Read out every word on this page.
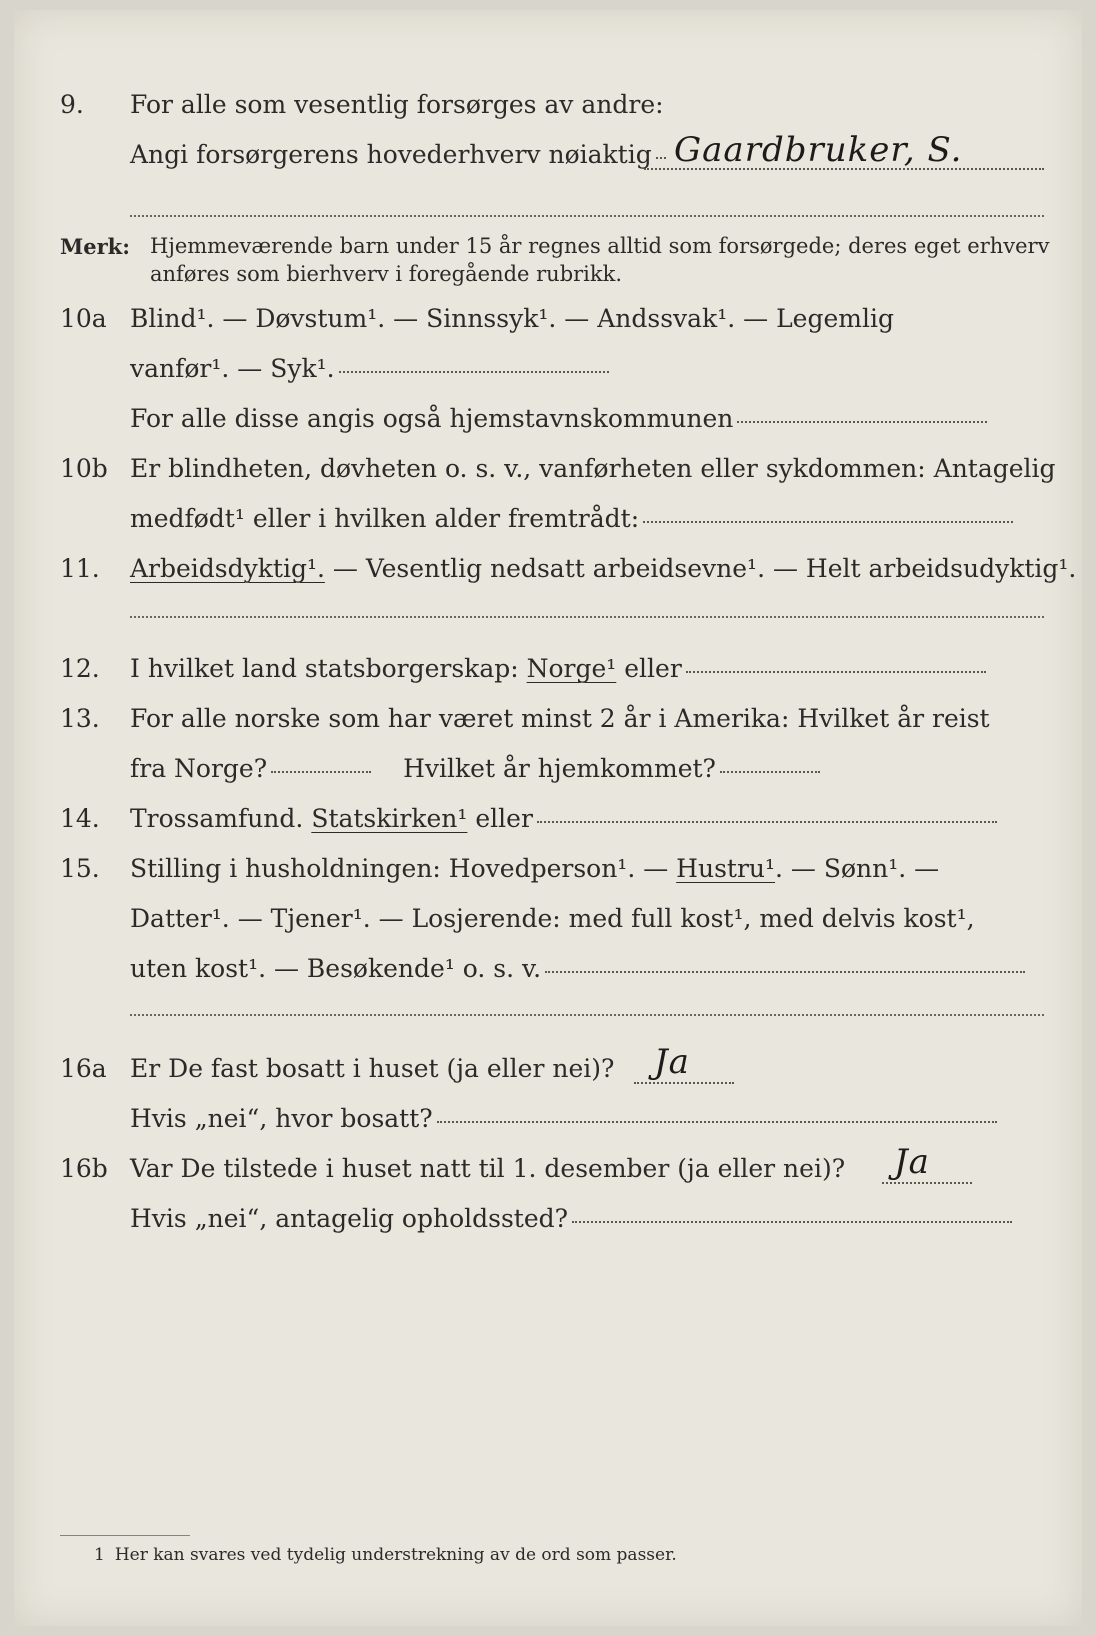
9. For alle som vesentlig forsørges av andre:
Angi forsørgerens hovederhverv nøiaktig Gaardbruker, S.
Merk: Hjemmeværende barn under 15 år regnes alltid som forsørgede; deres eget erhverv
anføres som bierhverv i foregående rubrikk.
10a Blind¹. — Døvstum¹. — Sinnssyk¹. — Andssvak¹. — Legemlig
vanfør¹. — Syk¹.
For alle disse angis også hjemstavnskommunen
10b Er blindheten, døvheten o. s. v., vanførheten eller sykdommen: Antagelig
medfødt¹ eller i hvilken alder fremtrådt:
11. Arbeidsdyktig¹. — Vesentlig nedsatt arbeidsevne¹. — Helt arbeidsudyktig¹.
12. I hvilket land statsborgerskap: Norge¹ eller
13. For alle norske som har været minst 2 år i Amerika: Hvilket år reist
fra Norge?	Hvilket år hjemkommet?
14. Trossamfund. Statskirken¹ eller
15. Stilling i husholdningen: Hovedperson¹. — Hustru¹. — Sønn¹. —
Datter¹. — Tjener¹. — Losjerende: med full kost¹, med delvis kost¹,
uten kost¹. — Besøkende¹ o. s. v.
16a Er De fast bosatt i huset (ja eller nei)? Ja
Hvis „nei“, hvor bosatt?
16b Var De tilstede i huset natt til 1. desember (ja eller nei)? Ja
Hvis „nei“, antagelig opholdssted?
1 Her kan svares ved tydelig understrekning av de ord som passer.
